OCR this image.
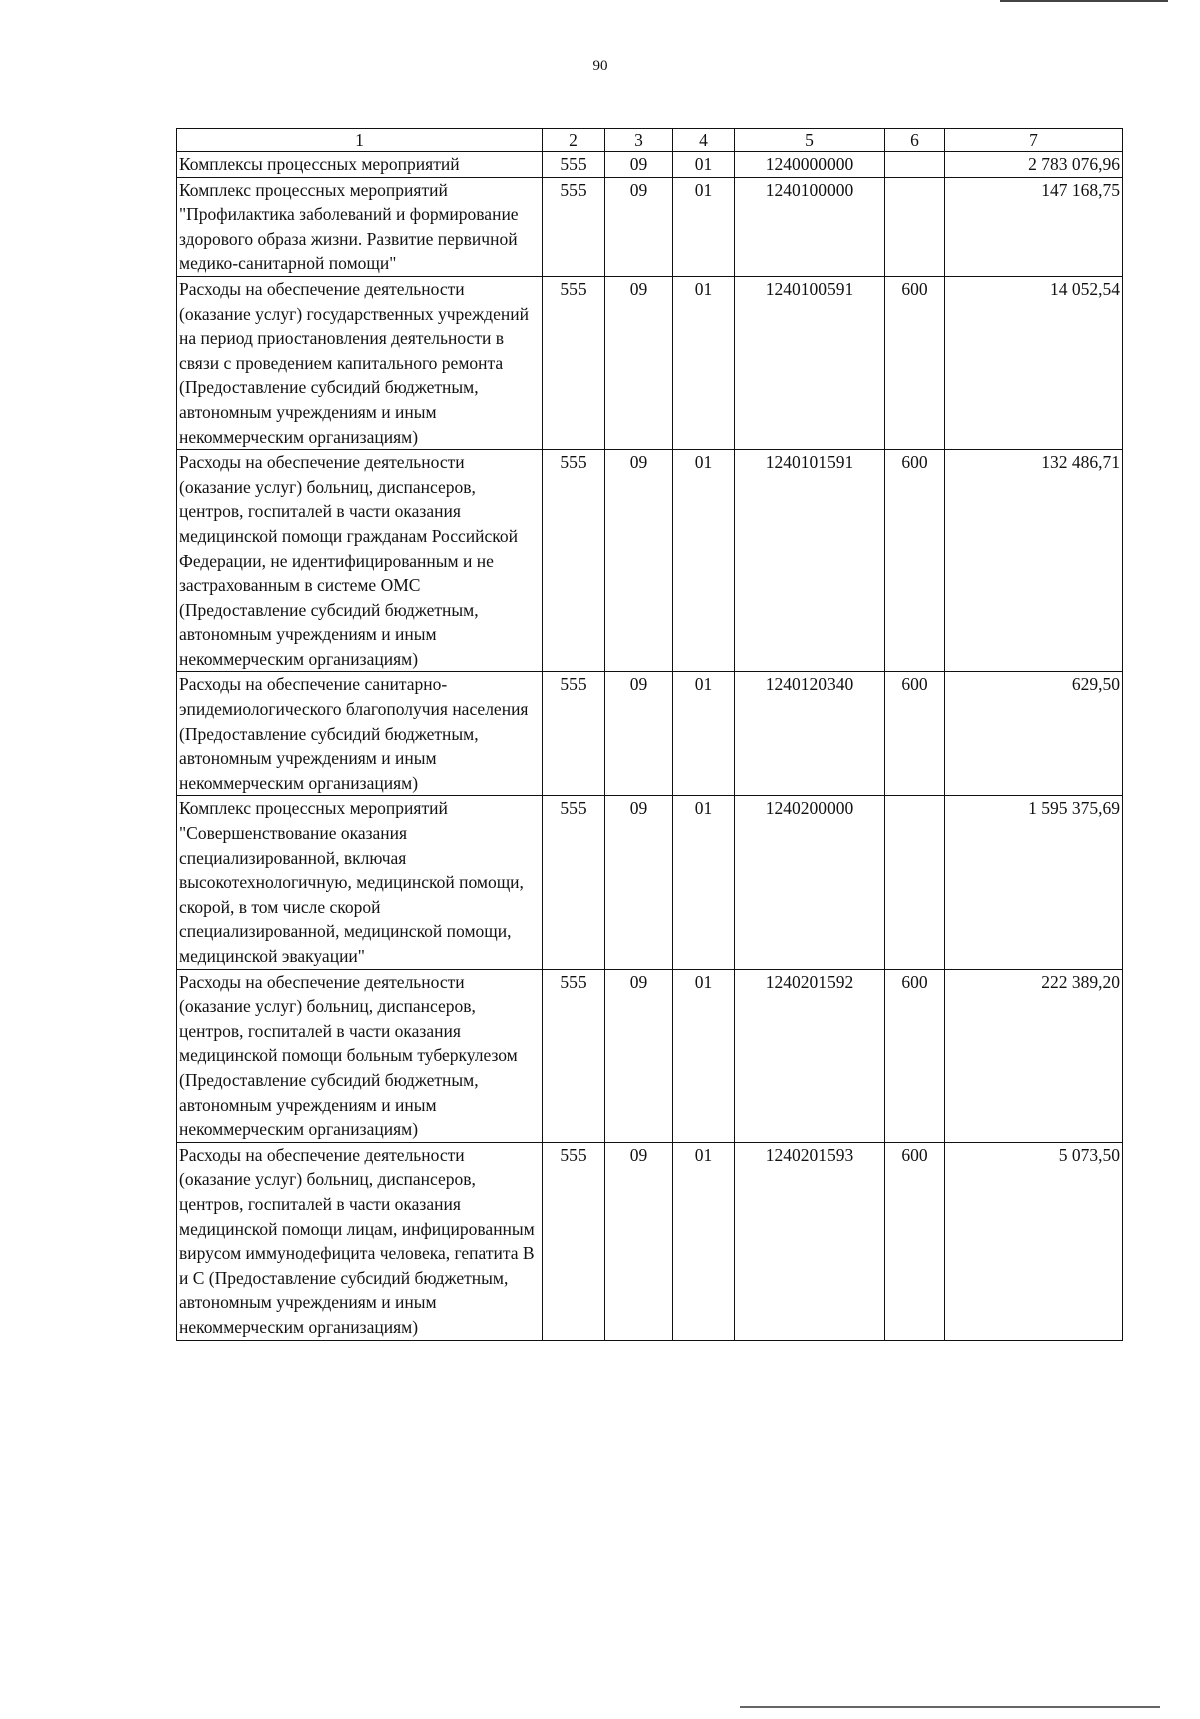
90
1	2	3	4	5	6	7
Комплексы процессных мероприятий	555	09	01	1240000000		2 783 076,96
Комплекс процессных мероприятий "Профилактика заболеваний и формирование здорового образа жизни. Развитие первичной медико-санитарной помощи"	555	09	01	1240100000		147 168,75
Расходы на обеспечение деятельности (оказание услуг) государственных учреждений на период приостановления деятельности в связи с проведением капитального ремонта (Предоставление субсидий бюджетным, автономным учреждениям и иным некоммерческим организациям)	555	09	01	1240100591	600	14 052,54
Расходы на обеспечение деятельности (оказание услуг) больниц, диспансеров, центров, госпиталей в части оказания медицинской помощи гражданам Российской Федерации, не идентифицированным и не застрахованным в системе ОМС (Предоставление субсидий бюджетным, автономным учреждениям и иным некоммерческим организациям)	555	09	01	1240101591	600	132 486,71
Расходы на обеспечение санитарно-эпидемиологического благополучия населения (Предоставление субсидий бюджетным, автономным учреждениям и иным некоммерческим организациям)	555	09	01	1240120340	600	629,50
Комплекс процессных мероприятий "Совершенствование оказания специализированной, включая высокотехнологичную, медицинской помощи, скорой, в том числе скорой специализированной, медицинской помощи, медицинской эвакуации"	555	09	01	1240200000		1 595 375,69
Расходы на обеспечение деятельности (оказание услуг) больниц, диспансеров, центров, госпиталей в части оказания медицинской помощи больным туберкулезом (Предоставление субсидий бюджетным, автономным учреждениям и иным некоммерческим организациям)	555	09	01	1240201592	600	222 389,20
Расходы на обеспечение деятельности (оказание услуг) больниц, диспансеров, центров, госпиталей в части оказания медицинской помощи лицам, инфицированным вирусом иммунодефицита человека, гепатита В и С (Предоставление субсидий бюджетным, автономным учреждениям и иным некоммерческим организациям)	555	09	01	1240201593	600	5 073,50
